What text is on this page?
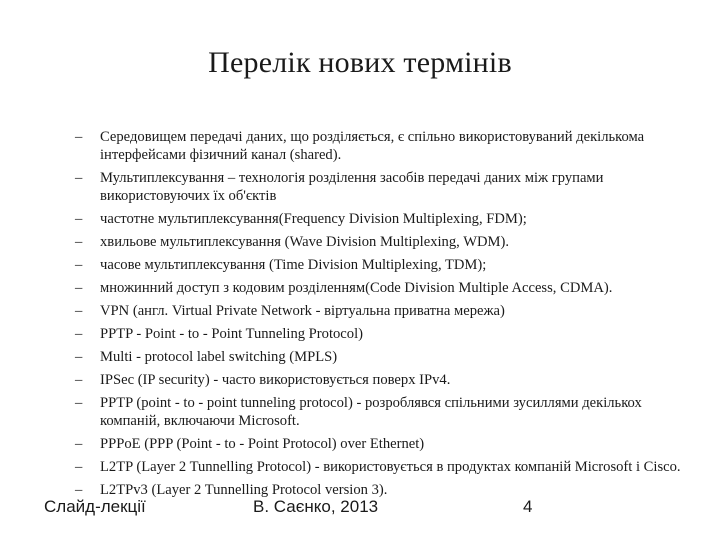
Перелік нових термінів
– Середовищем передачі даних, що розділяється, є спільно використовуваний декількома інтерфейсами фізичний канал (shared).
– Мультиплексування – технологія розділення засобів передачі даних між групами використовуючих їх об'єктів
– частотне мультиплексування(Frequency Division Multiplexing, FDM);
– хвильове мультиплексування (Wave Division Multiplexing, WDM).
– часове мультиплексування (Time Division Multiplexing, TDM);
– множинний доступ з кодовим розділенням(Code Division Multiple Access, CDMA).
– VPN (англ. Virtual Private Network - віртуальна приватна мережа)
– PPTP - Point - to - Point Tunneling Protocol)
– Multi - protocol label switching (MPLS)
– IPSec (IP security) - часто використовується поверх IPv4.
– PPTP (point - to - point tunneling protocol) - розроблявся спільними зусиллями декількох компаній, включаючи Microsoft.
– PPPoE (PPP (Point - to - Point Protocol) over Ethernet)
– L2TP (Layer 2 Tunnelling Protocol) - використовується в продуктах компаній Microsoft і Cisco.
– L2TPv3 (Layer 2 Tunnelling Protocol version 3).
Слайд-лекції	В. Саєнко, 2013	4
